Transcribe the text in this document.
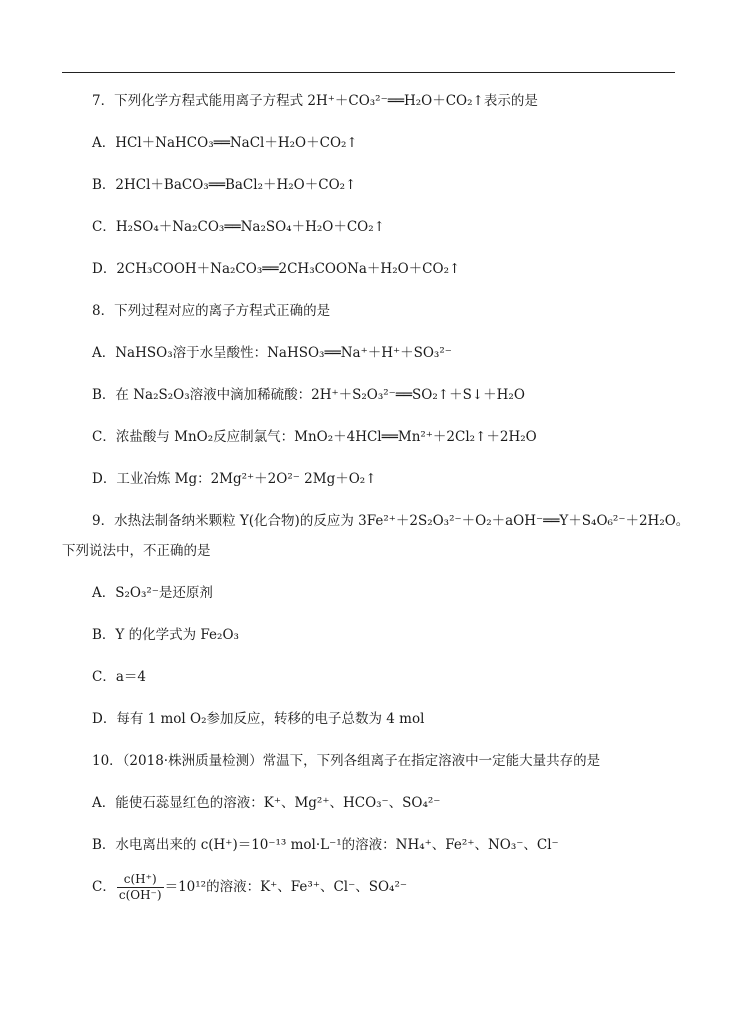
7．下列化学方程式能用离子方程式 2H⁺＋CO₃²⁻══H₂O＋CO₂↑表示的是
A．HCl＋NaHCO₃══NaCl＋H₂O＋CO₂↑
B．2HCl＋BaCO₃══BaCl₂＋H₂O＋CO₂↑
C．H₂SO₄＋Na₂CO₃══Na₂SO₄＋H₂O＋CO₂↑
D．2CH₃COOH＋Na₂CO₃══2CH₃COONa＋H₂O＋CO₂↑
8．下列过程对应的离子方程式正确的是
A．NaHSO₃溶于水呈酸性：NaHSO₃══Na⁺＋H⁺＋SO₃²⁻
B．在 Na₂S₂O₃溶液中滴加稀硫酸：2H⁺＋S₂O₃²⁻══SO₂↑＋S↓＋H₂O
C．浓盐酸与 MnO₂反应制氯气：MnO₂＋4HCl══Mn²⁺＋2Cl₂↑＋2H₂O
D．工业冶炼 Mg：2Mg²⁺＋2O²⁻ 2Mg＋O₂↑
9．水热法制备纳米颗粒 Y(化合物)的反应为 3Fe²⁺＋2S₂O₃²⁻＋O₂＋aOH⁻══Y＋S₄O₆²⁻＋2H₂O。
下列说法中，不正确的是
A．S₂O₃²⁻是还原剂
B．Y 的化学式为 Fe₂O₃
C．a＝4
D．每有 1 mol O₂参加反应，转移的电子总数为 4 mol
10．（2018·株洲质量检测）常温下，下列各组离子在指定溶液中一定能大量共存的是
A．能使石蕊显红色的溶液：K⁺、Mg²⁺、HCO₃⁻、SO₄²⁻
B．水电离出来的 c(H⁺)＝10⁻¹³ mol·L⁻¹的溶液：NH₄⁺、Fe²⁺、NO₃⁻、Cl⁻
C． $\frac{c(H^+)}{c(OH^-)} =10^{12}$的溶液：K⁺、Fe³⁺、Cl⁻、SO₄²⁻
